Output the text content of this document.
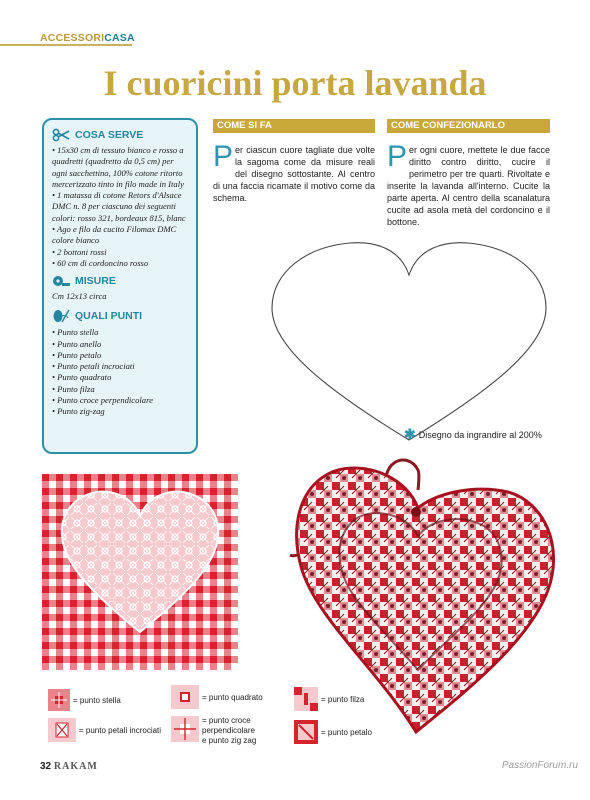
ACCESSORICASA
I cuoricini porta lavanda
COSA SERVE
• 15x30 cm di tessuto bianco e rosso a quadretti (quadretto da 0,5 cm) per ogni sacchettino, 100% cotone ritorto mercerizzato tinto in filo made in Italy
• 1 matassa di cotone Retors d'Alsace DMC n. 8 per ciascuno dei seguenti colori: rosso 321, bordeaux 815, blanc
• Ago e filo da cucito Filomax DMC colore bianco
• 2 bottoni rossi
• 60 cm di cordoncino rosso
MISURE
Cm 12x13 circa
QUALI PUNTI
• Punto stella
• Punto anello
• Punto petalo
• Punto petali incrociati
• Punto quadrato
• Punto filza
• Punto croce perpendicolare
• Punto zig-zag
COME SI FA
Per ciascun cuore tagliate due volte la sagoma come da misure reali del disegno sottostante. Al centro di una faccia ricamate il motivo come da schema.
COME CONFEZIONARLO
Per ogni cuore, mettete le due facce diritto contro diritto, cucire il perimetro per tre quarti. Rivoltate e inserite la lavanda all'interno. Cucite la parte aperta. Al centro della scanalatura cucite ad asola metà del cordoncino e il bottone.
✱ Disegno da ingrandire al 200%
= punto stella	= punto quadrato	= punto filza
= punto petali incrociati
= punto croce
perpendicolare
e punto zig zag
= punto petalo
32 RAKAM	PassionForum.ru
